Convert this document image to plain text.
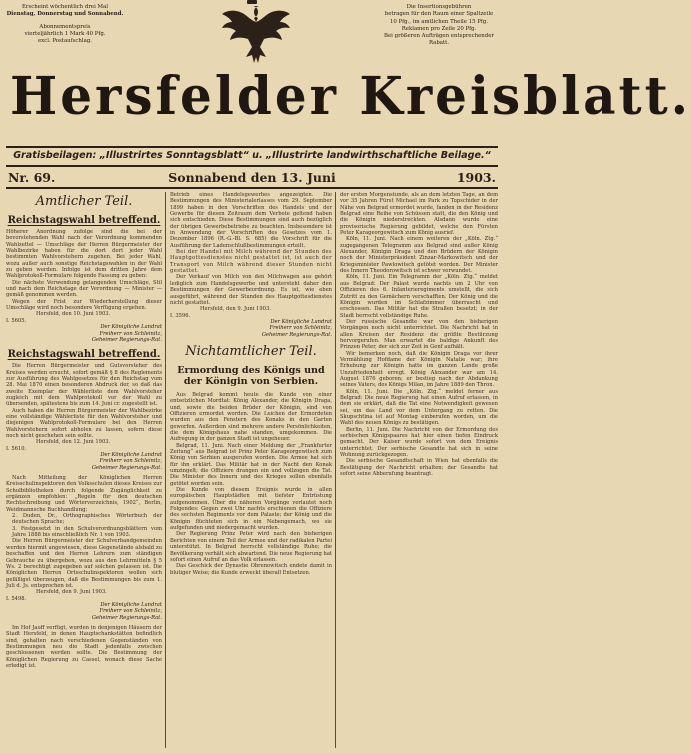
Erscheint wöchentlich drei Mal
Dienstag, Donnerstag und Sonnabend.
Abonnementspreis
vierteljährlich 1 Mark 40 Pfg.
excl. Postaufschlag.
Die Insertionsgebühren
betragen für den Raum einer Spaltzeile
10 Pfg., im amtlichen Theile 15 Pfg.
Reklamen pro Zeile 20 Pfg.
Bei größeren Aufträgen entsprechender
Rabatt.
Hersfelder Kreisblatt.
Gratisbeilagen: „Illustrirtes Sonntagsblatt“ u. „Illustrirte landwirthschaftliche Beilage.“
Nr. 69.	Sonnabend den 13. Juni	1903.
Amtlicher Teil.
Reichstagswahl betreffend.
Höherer Anordnung zufolge sind die bei der bevorstehenden Wahl nach der Verordnung kommenden Wahlzettel — Umschläge der Herren Bürgermeister der Wahlbezirke haben für die dort dort jeder Wahl bestimmten Wahlvorstehern zugehen. Bei jeder Wahl, wozu außer auch sonstige Reichstagswahlen in der Wahl zu geben werden. Infolge ist dem dritten Jahre dem Wahlprotokoll-Formulare folgende Fassung zu geben:
Die nächste Verwendung gelangenden Umschläge, Stil und nach dem Reichstage der Verordnung — Minister — gemäß genommen werden.
Wegen der Frist zur Wiederherstellung dieser Umschläge wird noch besondere Verfügung ergehen.
Hersfeld, den 10. Juni 1903.
I. 5605.
Der Königliche Landrat
Freiherr von Schleinitz,
Geheimer Regierungs-Rat.
Reichstagswahl betreffend.
Die Herren Bürgermeister und Gutsvorsteher des Kreises werden ersucht, sofort gemäß § 8 des Reglements zur Ausführung des Wahlgesetzes für den Reichstag vom 28. Mai 1870 einen besonderen Abdruck der, so daß das zweite Exemplar der Wählerliste dem Wahlvorsteher zugleich mit dem Wahlprotokoll vor der Wahl zu übersenden, spätestens bis zum 14. Juni cr. zugestellt ist.
Auch haben die Herren Bürgermeister der Wahlbezirke eine vollständige Wählerliste für den Wahlvorsteher und diejenigen Wahlprotokoll-Formulare bei den Herren Wahlvorstehern sofort abholen zu lassen, sofern diese noch nicht geschehen sein sollte.
Hersfeld, den 12. Juni 1903.
I. 5610.
Der Königliche Landrat
Freiherr von Schleinitz,
Geheimer Regierungs-Rat.
Nach Mitteilung der Königlichen Herren Kreisschulinspektoren den Volksschulen dieses Kreises zur Schulbibliotheken durch folgende Zugänglichkeit zu ergänzen empfohlen: „Regeln für den deutschen Rechtschreibung und Wörterverzeichnis, 1902“, Berlin, Weidmannsche Buchhandlung;
2. Duden, Dr., Orthographisches Wörterbuch der deutschen Sprache;
3. Festgesetzt in den Schulverordnungsblättern vom Jahre 1888 bis einschließlich Nr. 1 von 1903.
Die Herren Bürgermeister der Schulverbandgemeinden werden hiermit angewiesen, diese Gegenstände alsbald zu beschaffen und den Herren Lehrern zum ständigen Gebrauche zu übergeben, wozu aus den Lehrmitteln § 5 Ws. 2 berechtigt zugegeben auf solchen gelassen ist. Die Königlichen Herren Ortsschulinspektoren wollen sich gefälligst überzeugen, daß die Bestimmungen bis zum 1. Juli d. Js. entsprochen ist.
Hersfeld, den 9. Juni 1903.
I. 5498.
Der Königliche Landrat
Freiherr von Schleinitz,
Geheimer Regierungs-Rat.
Im Hof Jauff verfügt, wurden in denjenigen Häusern der Stadt Hersfeld, in denen Hauptschankstätten befindlich sind, gehalten nach verschiedenen Gegenständen von Bestimmungen neu die Stadt jedenfalls zwischen geschlossenen werden sollte. Die Bestimmung der Königlichen Regierung zu Cassel, wonach diese Sache erledigt ist.
Betrieb eines Handelsgewerbes angezeigten. Die Bestimmungen des Ministerialerlasses vom 29. September 1899 haben in den Vorschriften des Handels und der Gewerbe für diesen Zeitraum dem Verbote geltend haben sich entschieden. Diese Bestimmungen sind auch bezüglich der übrigen Gewerbebetriebe zu beachten. Insbesondere ist in Anwendung der Vorschriften des Gesetzes vom 1. Dezember 1896 (R.-G.-Bl. S. 685) die Vorschrift für die Ausführung der Ladenschlußbestimmungen erteilt.
Bei der Handel mit Milch während der Stunden des Hauptgottesdienstes nicht gestattet ist, ist auch der Transport von Milch während dieser Stunden nicht gestattet.
Der Verkauf von Milch von den Milchwagen aus gehört lediglich zum Handelsgewerbe und untersteht daher den Bestimmungen der Gewerbeordnung. Es ist, wie eben ausgeführt, während der Stunden des Hauptgottesdienstes nicht gestattet.
Hersfeld, den 9. Juni 1903.
I. 3596.
Der Königliche Landrat
Freiherr von Schleinitz,
Geheimer Regierungs-Rat.
Nichtamtlicher Teil.
Ermordung des Königs und der Königin von Serbien.
Aus Belgrad kommt heute die Kunde von einer entsetzlichen Mordtat: König Alexander, die Königin Draga, und, sowie die beiden Brüder der Königin, sind von Offizieren ermordet worden. Die Leichen der Ermordeten wurden aus den Fenstern des Konaks in den Garten geworfen. Außerdem sind mehrere andere Persönlichkeiten, die dem Königshaus nahe standen, umgekommen. Die Aufregung in der ganzen Stadt ist ungeheuer.
Belgrad, 11. Juni. Nach einer Meldung der „Frankfurter Zeitung“ aus Belgrad ist Prinz Peter Karageorgewitsch zum König von Serbien ausgerufen worden. Die Armee hat sich für ihn erklärt. Das Militär hat in der Nacht den Konak umzingelt; die Offiziere drangen ein und vollzogen die Tat. Die Minister des Innern und des Krieges sollen ebenfalls getötet worden sein.
Die Kunde von diesem Ereignis wurde in allen europäischen Hauptstädten mit tiefster Entrüstung aufgenommen. Über die näheren Vorgänge verlautet noch Folgendes: Gegen zwei Uhr nachts erschienen die Offiziere des sechsten Regiments vor dem Palaste; der König und die Königin flüchteten sich in ein Nebengemach, wo sie aufgefunden und niedergemacht wurden.
Der Regierung Prinz Peter wird nach den bisherigen Berichten von einem Teil der Armee und der radikalen Partei unterstützt. In Belgrad herrscht vollständige Ruhe; die Bevölkerung verhält sich abwartend. Die neue Regierung hat sofort einen Aufruf an das Volk erlassen.
Das Geschick der Dynastie Obrenowitsch endete damit in blutiger Weise; die Kunde erweckt überall Entsetzen.
der ersten Morgenstunde, als an dem letzten Tage, an dem vor 35 Jahren Fürst Michael im Park zu Topschider in der Nähe von Belgrad ermordet wurde, fanden in der Residenz Belgrad eine Reihe von Schüssen statt, die den König und die Königin niederstreckten. Alsdann wurde eine provisorische Regierung gebildet, welche den Fürsten Peter Karageorgewitsch zum König ausrief.
Köln, 11. Juni. Nach einem weiteren der „Köln. Ztg.“ zugegangenen Telegramm aus Belgrad sind außer König Alexander, Königin Draga und den Brüdern der Königin noch der Ministerpräsident Zinzar-Markowitsch und der Kriegsminister Pawlowitsch getötet worden. Der Minister des Innern Theodorowitsch ist schwer verwundet.
Köln, 11. Juni. Ein Telegramm der „Köln. Ztg.“ meldet aus Belgrad: Der Palast wurde nachts um 2 Uhr von Offizieren des 6. Infanterieregiments umstellt, die sich Zutritt zu den Gemächern verschafften. Der König und die Königin wurden im Schlafzimmer überrascht und erschossen. Das Militär hat die Straßen besetzt; in der Stadt herrscht vollständige Ruhe.
Der russische Gesandte war von den bisherigen Vorgängen noch nicht unterrichtet. Die Nachricht hat in allen Kreisen der Residenz die größte Bestürzung hervorgerufen. Man erwartet die baldige Ankunft des Prinzen Peter, der sich zur Zeit in Genf aufhält.
Wir bemerken noch, daß die Königin Draga vor ihrer Vermählung Hofdame der Königin Natalie war; ihre Erhebung zur Königin hatte im ganzen Lande große Unzufriedenheit erregt. König Alexander war am 14. August 1876 geboren; er bestieg nach der Abdankung seines Vaters, des Königs Milan, im Jahre 1889 den Thron.
Köln, 11. Juni. Die „Köln. Ztg.“ meldet ferner aus Belgrad: Die neue Regierung hat einen Aufruf erlassen, in dem sie erklärt, daß die Tat eine Notwendigkeit gewesen sei, um das Land vor dem Untergang zu retten. Die Skupschtina ist auf Montag einberufen worden, um die Wahl des neuen Königs zu bestätigen.
Berlin, 11. Juni. Die Nachricht von der Ermordung des serbischen Königspaares hat hier einen tiefen Eindruck gemacht. Der Kaiser wurde sofort von dem Ereignis unterrichtet. Der serbische Gesandte hat sich in seine Wohnung zurückgezogen.
Die serbische Gesandtschaft in Wien hat ebenfalls die Bestätigung der Nachricht erhalten; der Gesandte hat sofort seine Abberufung beantragt.
